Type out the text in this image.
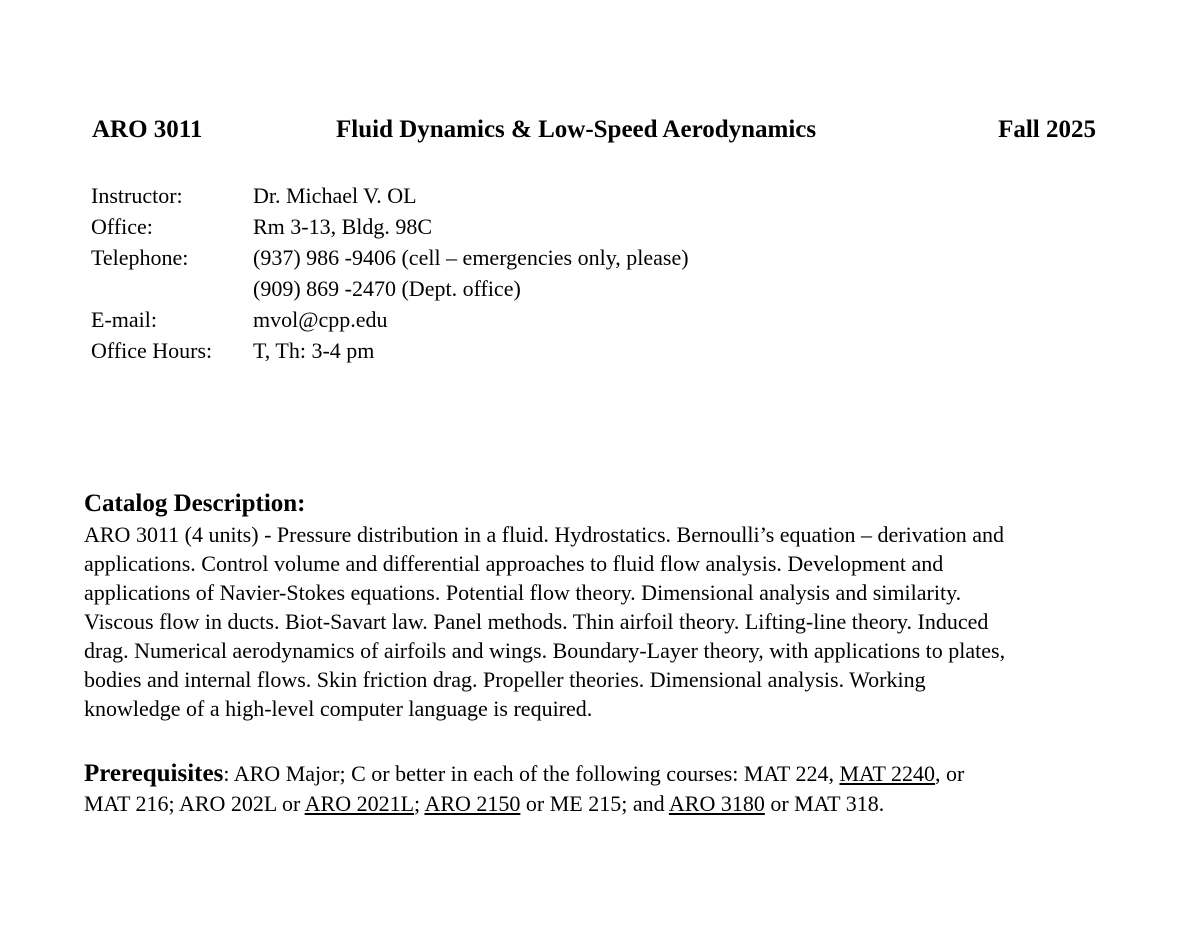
ARO 3011	Fluid Dynamics & Low-Speed Aerodynamics	Fall 2025
Instructor:	Dr. Michael V. OL
Office:	Rm 3-13, Bldg. 98C
Telephone:	(937) 986 -9406 (cell – emergencies only, please)
(909) 869 -2470 (Dept. office)
E-mail:	mvol@cpp.edu
Office Hours:	T, Th: 3-4 pm
Catalog Description:
ARO 3011 (4 units) - Pressure distribution in a fluid. Hydrostatics. Bernoulli’s equation – derivation and
applications. Control volume and differential approaches to fluid flow analysis. Development and
applications of Navier-Stokes equations. Potential flow theory. Dimensional analysis and similarity.
Viscous flow in ducts. Biot-Savart law. Panel methods. Thin airfoil theory. Lifting-line theory. Induced
drag. Numerical aerodynamics of airfoils and wings. Boundary-Layer theory, with applications to plates,
bodies and internal flows. Skin friction drag. Propeller theories. Dimensional analysis. Working
knowledge of a high-level computer language is required.
Prerequisites: ARO Major; C or better in each of the following courses: MAT 224, MAT 2240, or
MAT 216; ARO 202L or ARO 2021L; ARO 2150 or ME 215; and ARO 3180 or MAT 318.
